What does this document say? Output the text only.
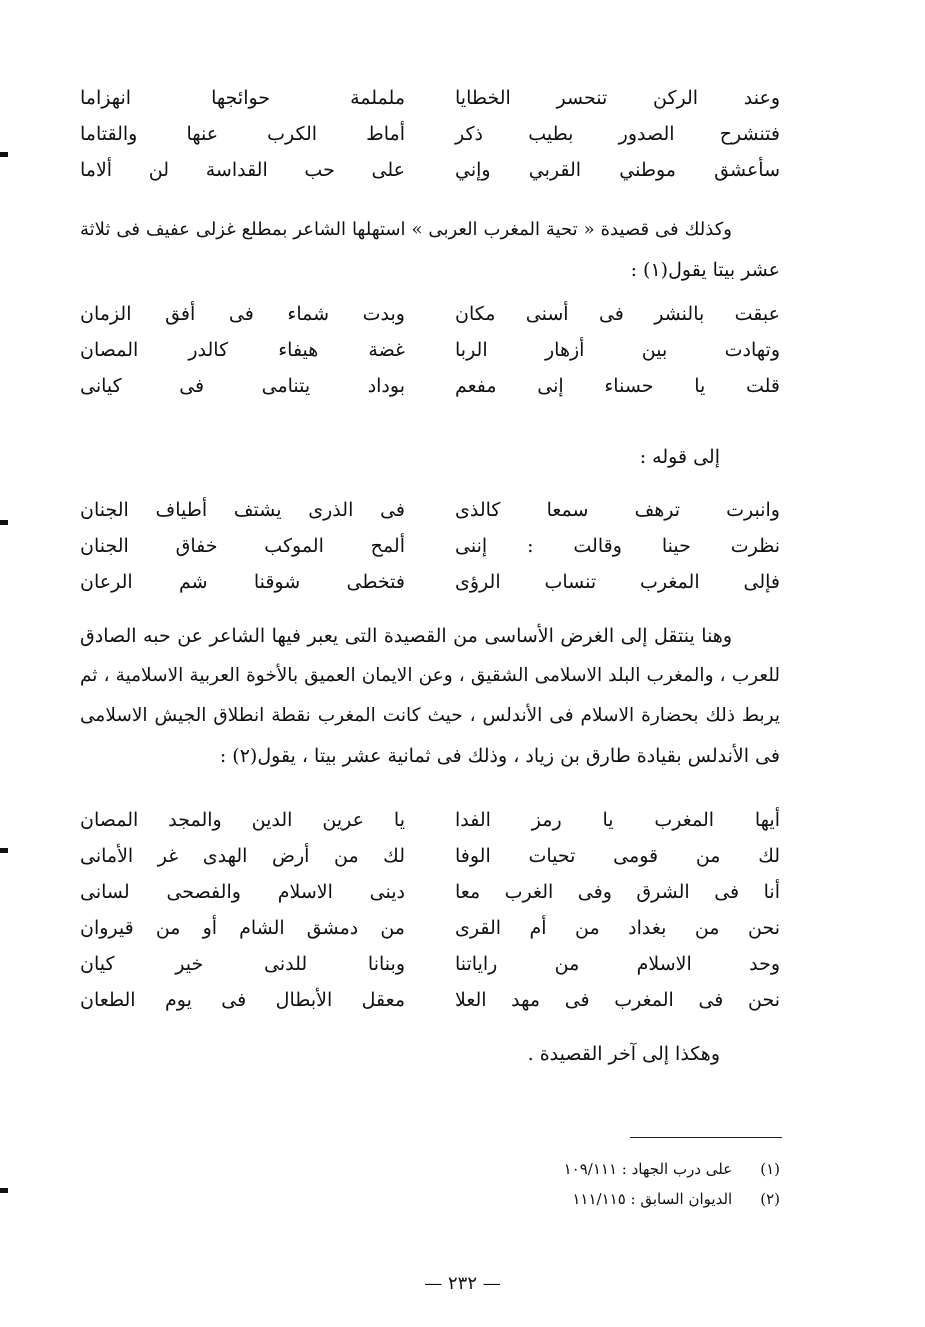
وعند الركن تنحسر الخطايا
ململمة حوائجها انهزاما
فتنشرح الصدور بطيب ذكر
أماط الكرب عنها والقتاما
سأعشق موطني القربي وإني
على حب القداسة لن ألاما
وكذلك فى قصيدة « تحية المغرب العربى » استهلها الشاعر بمطلع غزلى عفيف فى ثلاثة
عشر بيتا يقول(١) :
عبقت بالنشر فى أسنى مكان
وبدت شماء فى أفق الزمان
وتهادت بين أزهار الربا
غضة هيفاء كالدر المصان
قلت يا حسناء إنى مفعم
بوداد يتنامى فى كيانى
إلى قوله :
وانبرت ترهف سمعا كالذى
فى الذرى يشتف أطياف الجنان
نظرت حينا وقالت : إننى
ألمح الموكب خفاق الجنان
فإلى المغرب تنساب الرؤى
فتخطى شوقنا شم الرعان
وهنا ينتقل إلى الغرض الأساسى من القصيدة التى يعبر فيها الشاعر عن حبه الصادق
للعرب ، والمغرب البلد الاسلامى الشقيق ، وعن الايمان العميق بالأخوة العربية الاسلامية ، ثم
يربط ذلك بحضارة الاسلام فى الأندلس ، حيث كانت المغرب نقطة انطلاق الجيش الاسلامى
فى الأندلس بقيادة طارق بن زياد ، وذلك فى ثمانية عشر بيتا ، يقول(٢) :
أيها المغرب يا رمز الفدا
يا عرين الدين والمجد المصان
لك من قومى تحيات الوفا
لك من أرض الهدى غر الأمانى
أنا فى الشرق وفى الغرب معا
دينى الاسلام والفصحى لسانى
نحن من بغداد من أم القرى
من دمشق الشام أو من قيروان
وحد الاسلام من راياتنا
وبنانا للدنى خير كيان
نحن فى المغرب فى مهد العلا
معقل الأبطال فى يوم الطعان
وهكذا إلى آخر القصيدة .
(١)
على درب الجهاد : ١٠٩/١١١
(٢)
الديوان السابق : ١١١/١١٥
— ٢٣٢ —
